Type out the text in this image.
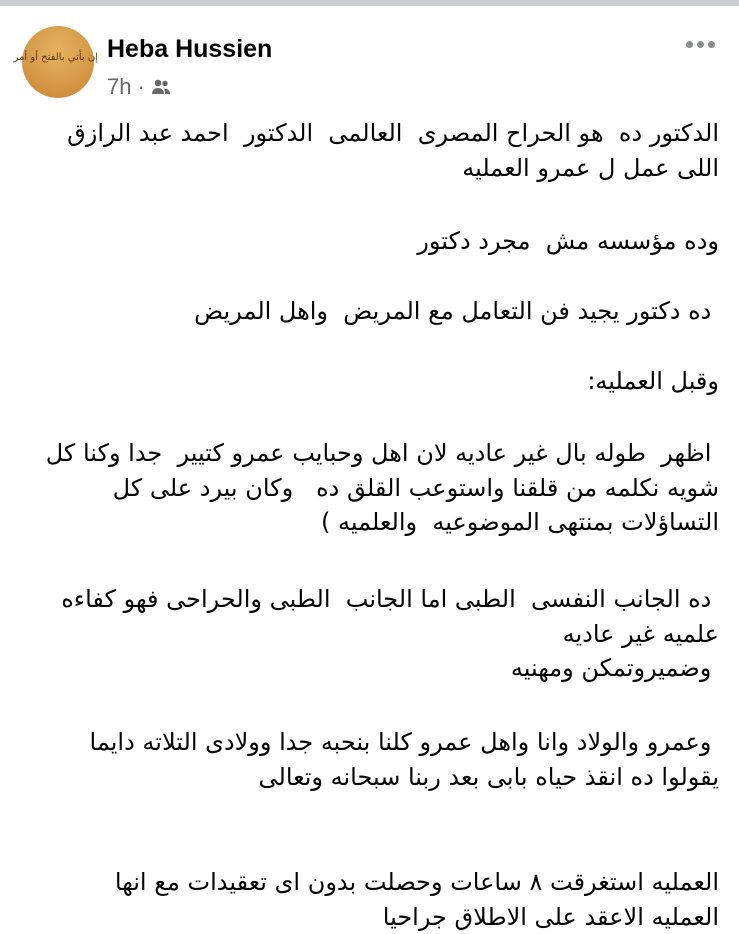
إن بأتي بالفتح أو أمر Heba Hussien
7h ·
الدكتور ده  هو الحراح المصرى  العالمى  الدكتور  احمد عبد الرازق
اللى عمل ل عمرو العمليه
وده مؤسسه مش  مجرد دكتور
ده دكتور يجيد فن التعامل مع المريض  واهل المريض
وقبل العمليه:
اظهر  طوله بال غير عاديه لان اهل وحبايب عمرو كتيير  جدا وكنا كل
شويه نكلمه من قلقنا واستوعب القلق ده   وكان بيرد على كل
التساؤلات بمنتهى الموضوعيه  والعلميه )
ده الجانب النفسى  الطبى اما الجانب  الطبى والحراحى فهو كفاءه
علميه غير عاديه
وضميروتمكن ومهنيه
وعمرو والولاد وانا واهل عمرو كلنا بنحبه جدا وولادى التلاته دايما
يقولوا ده انقذ حياه بابى بعد ربنا سبحانه وتعالى
العمليه استغرقت ٨ ساعات وحصلت بدون اى تعقيدات مع انها
العمليه الاعقد على الاطلاق جراحيا
